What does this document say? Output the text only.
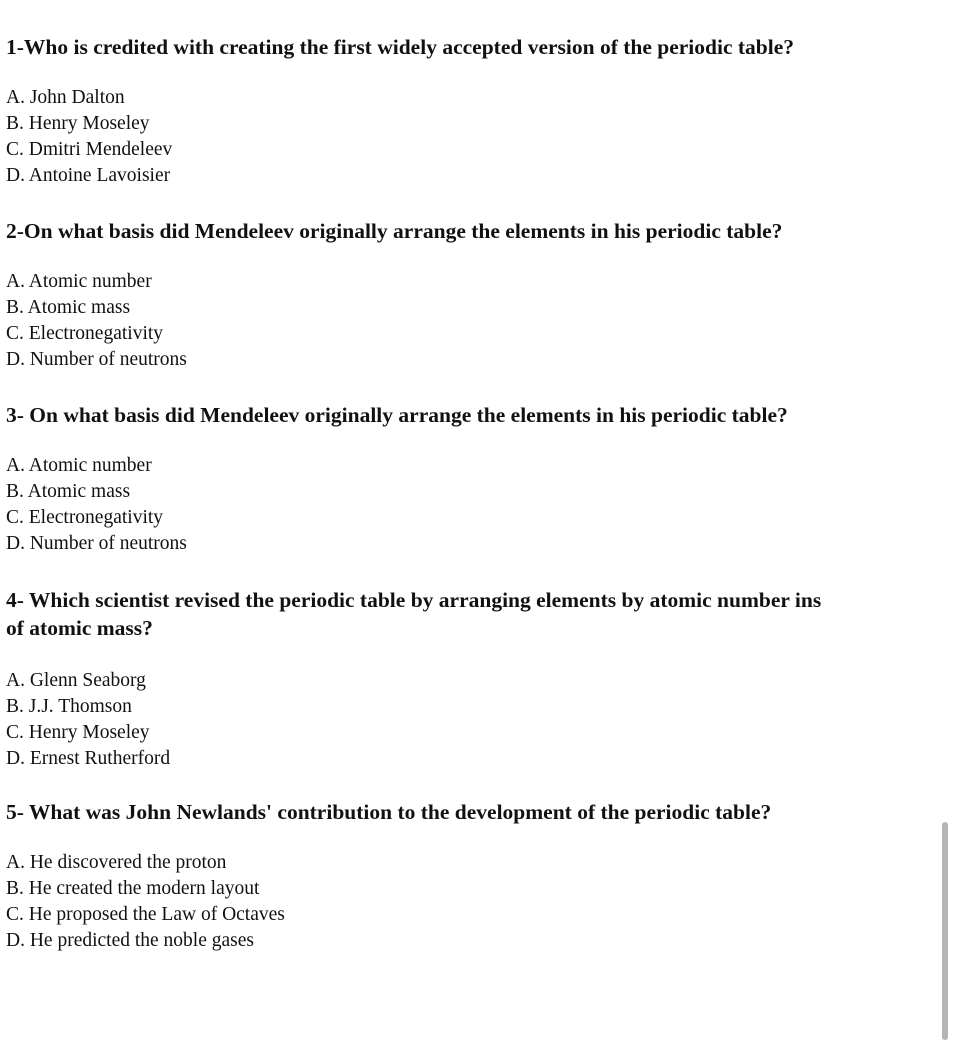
1-Who is credited with creating the first widely accepted version of the periodic table?

A. John Dalton
B. Henry Moseley
C. Dmitri Mendeleev
D. Antoine Lavoisier

2-On what basis did Mendeleev originally arrange the elements in his periodic table?

A. Atomic number
B. Atomic mass
C. Electronegativity
D. Number of neutrons

3- On what basis did Mendeleev originally arrange the elements in his periodic table?

A. Atomic number
B. Atomic mass
C. Electronegativity
D. Number of neutrons

4- Which scientist revised the periodic table by arranging elements by atomic number ins
of atomic mass?

A. Glenn Seaborg
B. J.J. Thomson
C. Henry Moseley
D. Ernest Rutherford

5- What was John Newlands' contribution to the development of the periodic table?

A. He discovered the proton
B. He created the modern layout
C. He proposed the Law of Octaves
D. He predicted the noble gases
